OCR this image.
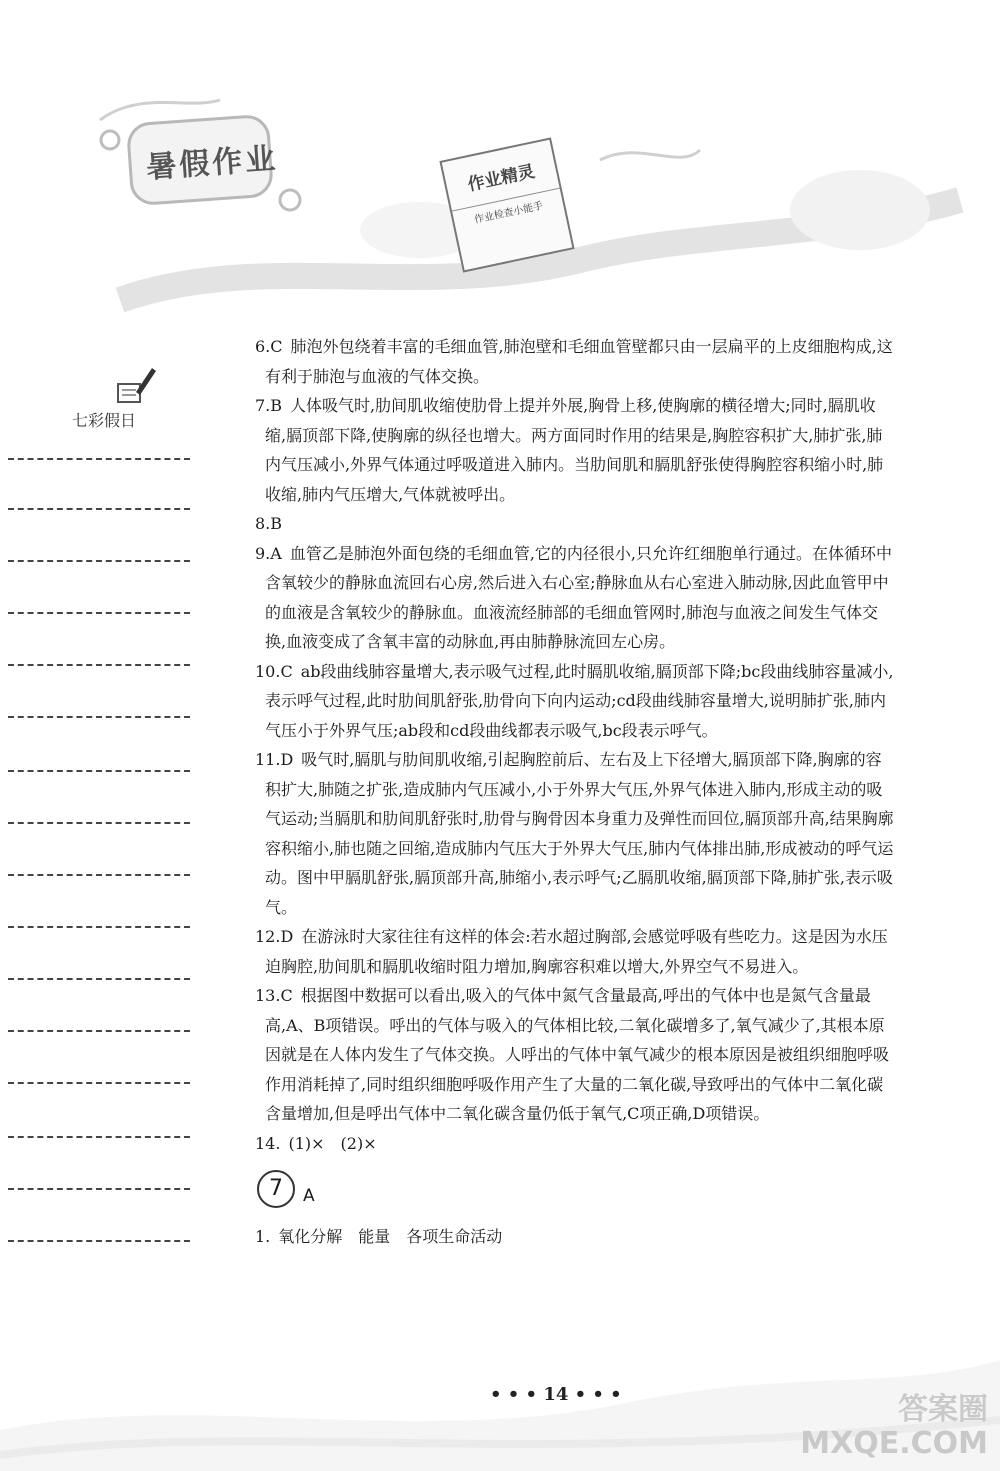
暑假作业	作业精灵
作业检查小能手
七彩假日

6.C 肺泡外包绕着丰富的毛细血管,肺泡壁和毛细血管壁都只由一层扁平的上皮细胞构成,这有利于肺泡与血液的气体交换。

7.B 人体吸气时,肋间肌收缩使肋骨上提并外展,胸骨上移,使胸廓的横径增大;同时,膈肌收缩,膈顶部下降,使胸廓的纵径也增大。两方面同时作用的结果是,胸腔容积扩大,肺扩张,肺内气压减小,外界气体通过呼吸道进入肺内。当肋间肌和膈肌舒张使得胸腔容积缩小时,肺收缩,肺内气压增大,气体就被呼出。

8.B

9.A 血管乙是肺泡外面包绕的毛细血管,它的内径很小,只允许红细胞单行通过。在体循环中含氧较少的静脉血流回右心房,然后进入右心室;静脉血从右心室进入肺动脉,因此血管甲中的血液是含氧较少的静脉血。血液流经肺部的毛细血管网时,肺泡与血液之间发生气体交换,血液变成了含氧丰富的动脉血,再由肺静脉流回左心房。

10.C ab段曲线肺容量增大,表示吸气过程,此时膈肌收缩,膈顶部下降;bc段曲线肺容量减小,表示呼气过程,此时肋间肌舒张,肋骨向下向内运动;cd段曲线肺容量增大,说明肺扩张,肺内气压小于外界气压;ab段和cd段曲线都表示吸气,bc段表示呼气。

11.D 吸气时,膈肌与肋间肌收缩,引起胸腔前后、左右及上下径增大,膈顶部下降,胸廓的容积扩大,肺随之扩张,造成肺内气压减小,小于外界大气压,外界气体进入肺内,形成主动的吸气运动;当膈肌和肋间肌舒张时,肋骨与胸骨因本身重力及弹性而回位,膈顶部升高,结果胸廓容积缩小,肺也随之回缩,造成肺内气压大于外界大气压,肺内气体排出肺,形成被动的呼气运动。图中甲膈肌舒张,膈顶部升高,肺缩小,表示呼气;乙膈肌收缩,膈顶部下降,肺扩张,表示吸气。

12.D 在游泳时大家往往有这样的体会:若水超过胸部,会感觉呼吸有些吃力。这是因为水压迫胸腔,肋间肌和膈肌收缩时阻力增加,胸廓容积难以增大,外界空气不易进入。

13.C 根据图中数据可以看出,吸入的气体中氮气含量最高,呼出的气体中也是氮气含量最高,A、B项错误。呼出的气体与吸入的气体相比较,二氧化碳增多了,氧气减少了,其根本原因就是在人体内发生了气体交换。人呼出的气体中氧气减少的根本原因是被组织细胞呼吸作用消耗掉了,同时组织细胞呼吸作用产生了大量的二氧化碳,导致呼出的气体中二氧化碳含量增加,但是呼出气体中二氧化碳含量仍低于氧气,C项正确,D项错误。

14. (1)×　(2)×

7	A

1. 氧化分解　能量　各项生命活动

• • • 14 • • •	答案圈
MXQE.COM
